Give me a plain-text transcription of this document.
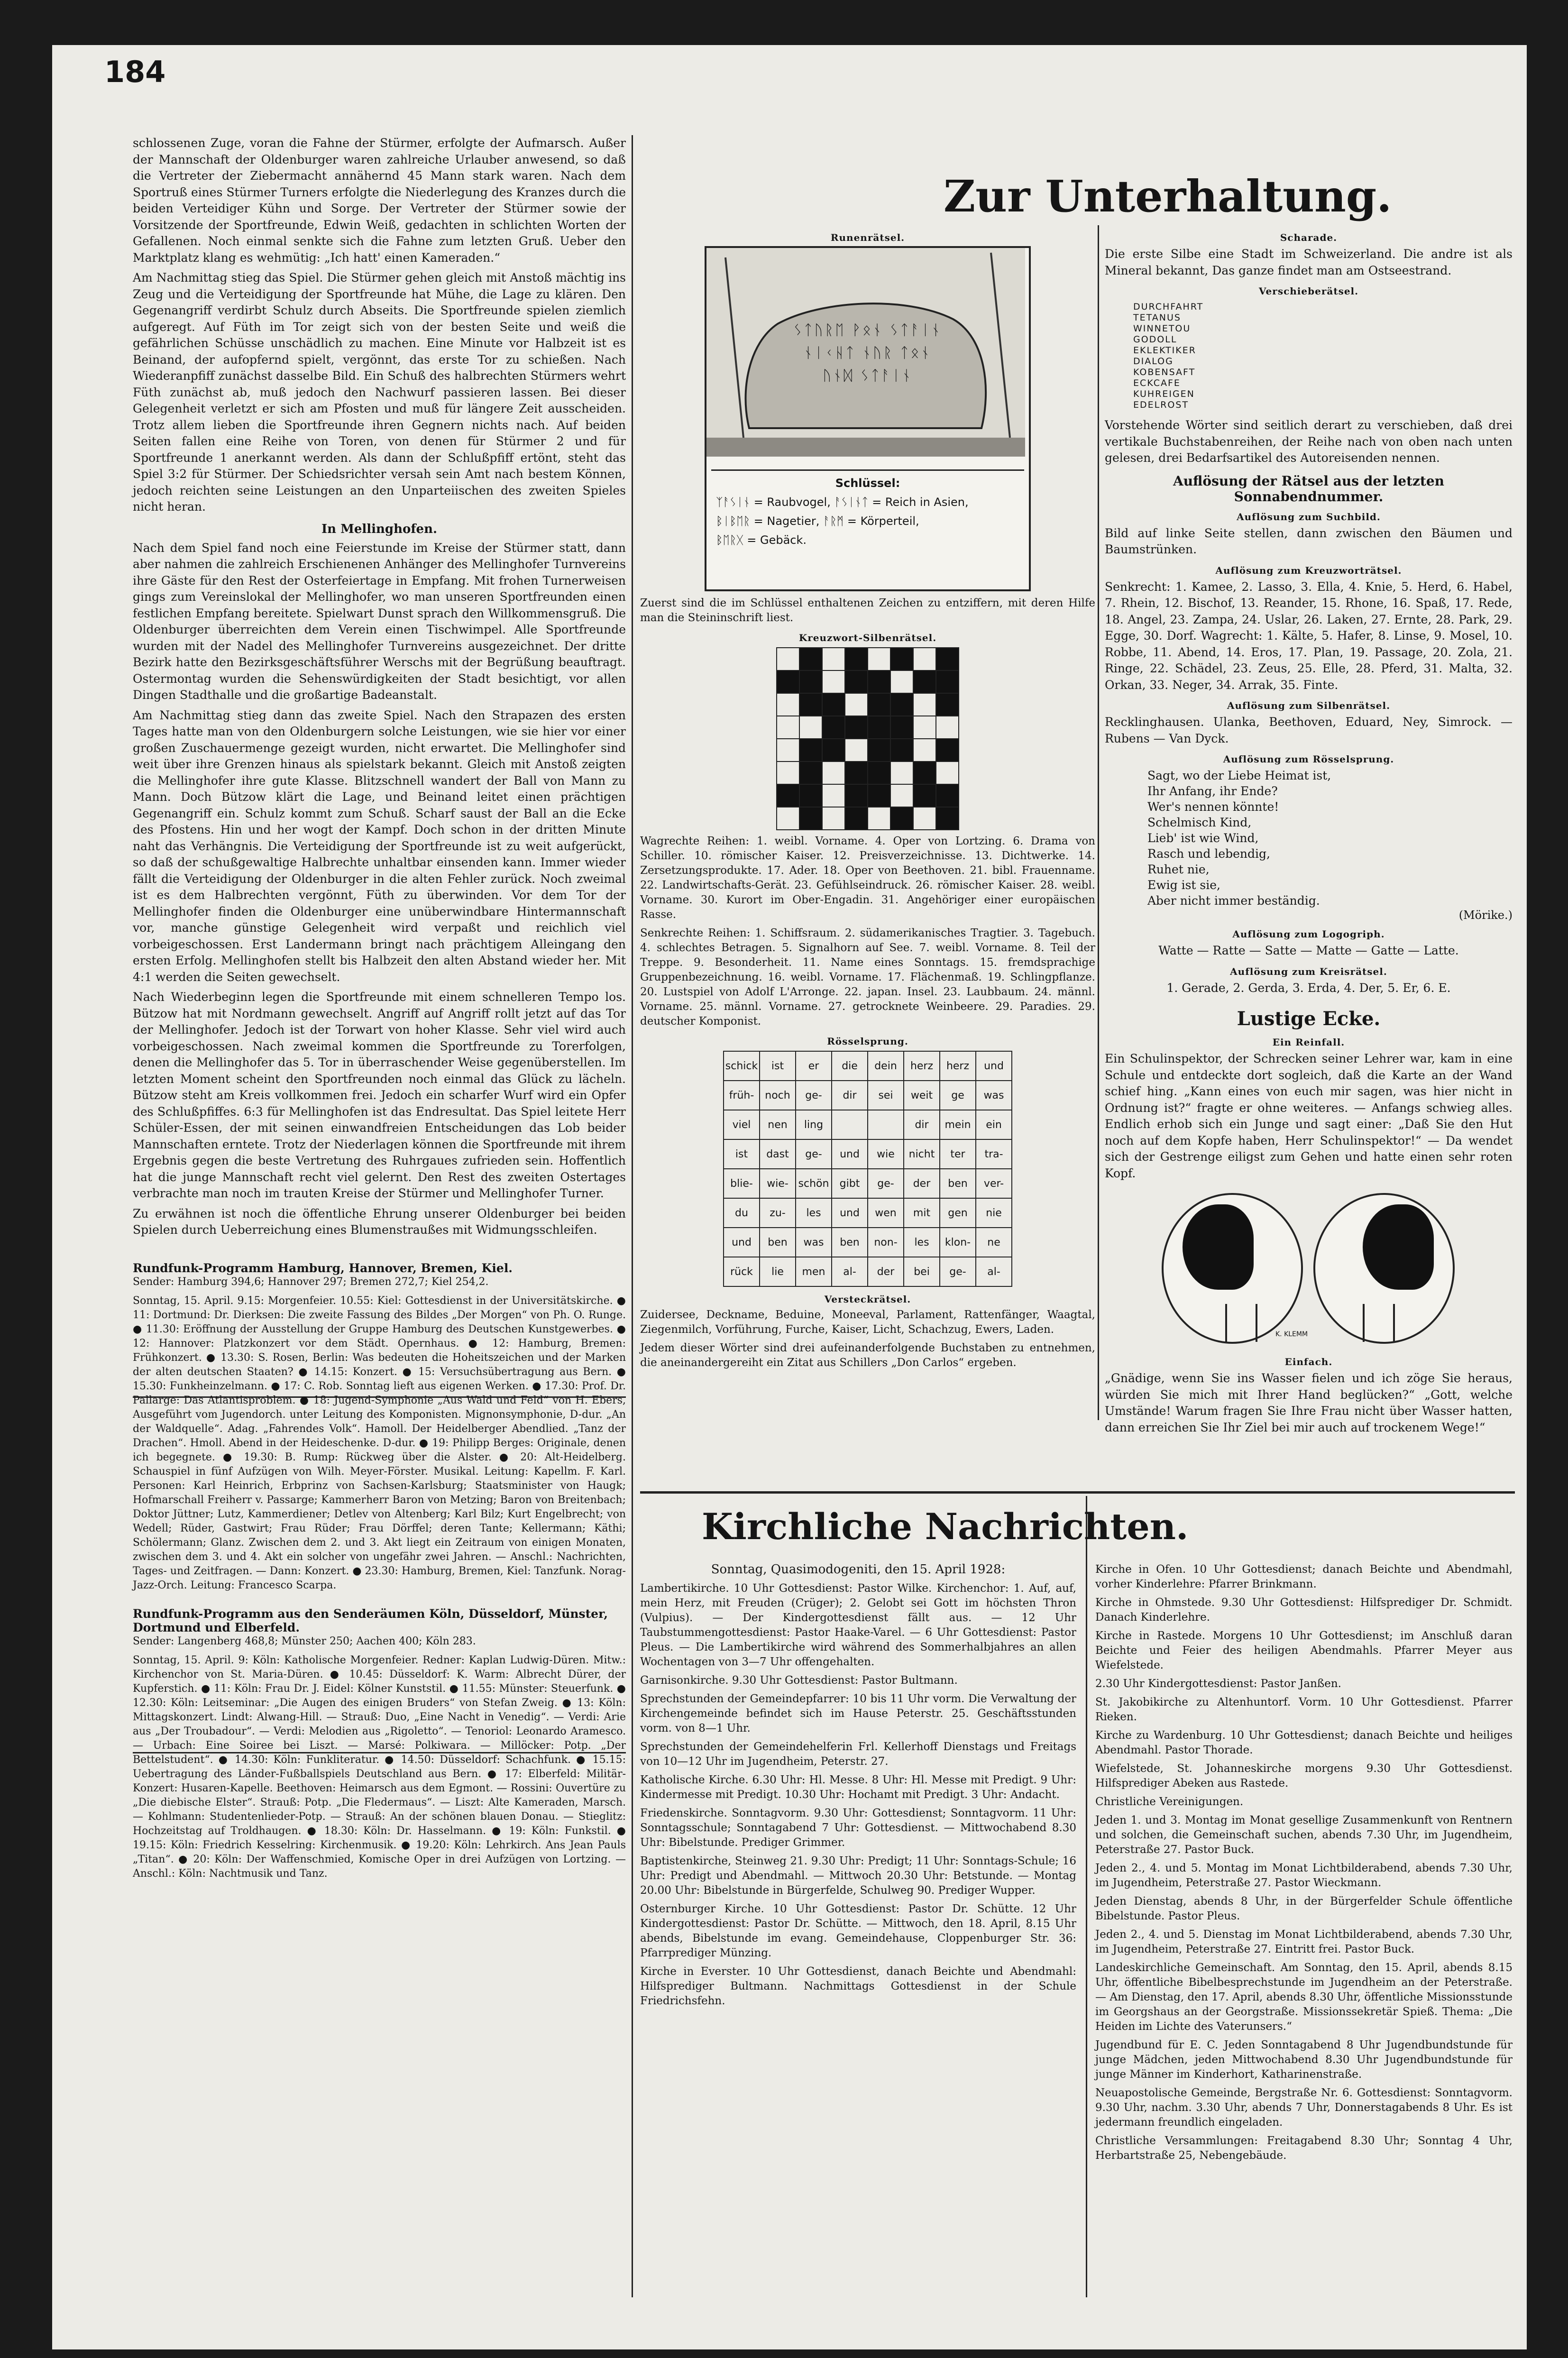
184

schlossenen Zuge, voran die Fahne der Stürmer, erfolgte der Aufmarsch. Außer der Mannschaft der Oldenburger waren zahlreiche Urlauber anwesend, so daß die Vertreter der Ziebermacht annähernd 45 Mann stark waren. Nach dem Sportruß eines Stürmer Turners erfolgte die Niederlegung des Kranzes durch die beiden Verteidiger Kühn und Sorge. Der Vertreter der Stürmer sowie der Vorsitzende der Sportfreunde, Edwin Weiß, gedachten in schlichten Worten der Gefallenen. Noch einmal senkte sich die Fahne zum letzten Gruß. Ueber den Marktplatz klang es wehmütig: „Ich hatt' einen Kameraden.“

Am Nachmittag stieg das Spiel. Die Stürmer gehen gleich mit Anstoß mächtig ins Zeug und die Verteidigung der Sportfreunde hat Mühe, die Lage zu klären. Den Gegenangriff verdirbt Schulz durch Abseits. Die Sportfreunde spielen ziemlich aufgeregt. Auf Füth im Tor zeigt sich von der besten Seite und weiß die gefährlichen Schüsse unschädlich zu machen. Eine Minute vor Halbzeit ist es Beinand, der aufopfernd spielt, vergönnt, das erste Tor zu schießen. Nach Wiederanpfiff zunächst dasselbe Bild. Ein Schuß des halbrechten Stürmers wehrt Füth zunächst ab, muß jedoch den Nachwurf passieren lassen. Bei dieser Gelegenheit verletzt er sich am Pfosten und muß für längere Zeit ausscheiden. Trotz allem lieben die Sportfreunde ihren Gegnern nichts nach. Auf beiden Seiten fallen eine Reihe von Toren, von denen für Stürmer 2 und für Sportfreunde 1 anerkannt werden. Als dann der Schlußpfiff ertönt, steht das Spiel 3:2 für Stürmer. Der Schiedsrichter versah sein Amt nach bestem Können, jedoch reichten seine Leistungen an den Unparteiischen des zweiten Spieles nicht heran.

In Mellinghofen.

Nach dem Spiel fand noch eine Feierstunde im Kreise der Stürmer statt, dann aber nahmen die zahlreich Erschienenen Anhänger des Mellinghofer Turnvereins ihre Gäste für den Rest der Osterfeiertage in Empfang. Mit frohen Turnerweisen gings zum Vereinslokal der Mellinghofer, wo man unseren Sportfreunden einen festlichen Empfang bereitete. Spielwart Dunst sprach den Willkommensgruß. Die Oldenburger überreichten dem Verein einen Tischwimpel. Alle Sportfreunde wurden mit der Nadel des Mellinghofer Turnvereins ausgezeichnet. Der dritte Bezirk hatte den Bezirksgeschäftsführer Werschs mit der Begrüßung beauftragt. Ostermontag wurden die Sehenswürdigkeiten der Stadt besichtigt, vor allen Dingen Stadthalle und die großartige Badeanstalt.

Am Nachmittag stieg dann das zweite Spiel. Nach den Strapazen des ersten Tages hatte man von den Oldenburgern solche Leistungen, wie sie hier vor einer großen Zuschauermenge gezeigt wurden, nicht erwartet. Die Mellinghofer sind weit über ihre Grenzen hinaus als spielstark bekannt. Gleich mit Anstoß zeigten die Mellinghofer ihre gute Klasse. Blitzschnell wandert der Ball von Mann zu Mann. Doch Bützow klärt die Lage, und Beinand leitet einen prächtigen Gegenangriff ein. Schulz kommt zum Schuß. Scharf saust der Ball an die Ecke des Pfostens. Hin und her wogt der Kampf. Doch schon in der dritten Minute naht das Verhängnis. Die Verteidigung der Sportfreunde ist zu weit aufgerückt, so daß der schußgewaltige Halbrechte unhaltbar einsenden kann. Immer wieder fällt die Verteidigung der Oldenburger in die alten Fehler zurück. Noch zweimal ist es dem Halbrechten vergönnt, Füth zu überwinden. Vor dem Tor der Mellinghofer finden die Oldenburger eine unüberwindbare Hintermannschaft vor, manche günstige Gelegenheit wird verpaßt und reichlich viel vorbeigeschossen. Erst Landermann bringt nach prächtigem Alleingang den ersten Erfolg. Mellinghofen stellt bis Halbzeit den alten Abstand wieder her. Mit 4:1 werden die Seiten gewechselt.

Nach Wiederbeginn legen die Sportfreunde mit einem schnelleren Tempo los. Bützow hat mit Nordmann gewechselt. Angriff auf Angriff rollt jetzt auf das Tor der Mellinghofer. Jedoch ist der Torwart von hoher Klasse. Sehr viel wird auch vorbeigeschossen. Nach zweimal kommen die Sportfreunde zu Torerfolgen, denen die Mellinghofer das 5. Tor in überraschender Weise gegenüberstellen. Im letzten Moment scheint den Sportfreunden noch einmal das Glück zu lächeln. Bützow steht am Kreis vollkommen frei. Jedoch ein scharfer Wurf wird ein Opfer des Schlußpfiffes. 6:3 für Mellinghofen ist das Endresultat. Das Spiel leitete Herr Schüler-Essen, der mit seinen einwandfreien Entscheidungen das Lob beider Mannschaften erntete. Trotz der Niederlagen können die Sportfreunde mit ihrem Ergebnis gegen die beste Vertretung des Ruhrgaues zufrieden sein. Hoffentlich hat die junge Mannschaft recht viel gelernt. Den Rest des zweiten Ostertages verbrachte man noch im trauten Kreise der Stürmer und Mellinghofer Turner.

Zu erwähnen ist noch die öffentliche Ehrung unserer Oldenburger bei beiden Spielen durch Ueberreichung eines Blumenstraußes mit Widmungsschleifen.

Rundfunk-Programm Hamburg, Hannover, Bremen, Kiel.
Sender: Hamburg 394,6; Hannover 297; Bremen 272,7; Kiel 254,2.
Sonntag, 15. April. 9.15: Morgenfeier. 10.55: Kiel: Gottesdienst in der Universitätskirche. ● 11: Dortmund: Dr. Dierksen: Die zweite Fassung des Bildes „Der Morgen“ von Ph. O. Runge. ● 11.30: Eröffnung der Ausstellung der Gruppe Hamburg des Deutschen Kunstgewerbes. ● 12: Hannover: Platzkonzert vor dem Städt. Opernhaus. ● 12: Hamburg, Bremen: Frühkonzert. ● 13.30: S. Rosen, Berlin: Was bedeuten die Hoheitszeichen und der Marken der alten deutschen Staaten? ● 14.15: Konzert. ● 15: Versuchsübertragung aus Bern. ● 15.30: Funkheinzelmann. ● 17: C. Rob. Sonntag lieft aus eigenen Werken. ● 17.30: Prof. Dr. Pallarge: Das Atlantisproblem. ● 18: Jugend-Symphonie „Aus Wald und Feld“ von H. Ebers, Ausgeführt vom Jugendorch. unter Leitung des Komponisten. Mignonsymphonie, D-dur. „An der Waldquelle“. Adag. „Fahrendes Volk“. Hamoll. Der Heidelberger Abendlied. „Tanz der Drachen“. Hmoll. Abend in der Heideschenke. D-dur. ● 19: Philipp Berges: Originale, denen ich begegnete. ● 19.30: B. Rump: Rückweg über die Alster. ● 20: Alt-Heidelberg. Schauspiel in fünf Aufzügen von Wilh. Meyer-Förster. Musikal. Leitung: Kapellm. F. Karl. Personen: Karl Heinrich, Erbprinz von Sachsen-Karlsburg; Staatsminister von Haugk; Hofmarschall Freiherr v. Passarge; Kammerherr Baron von Metzing; Baron von Breitenbach; Doktor Jüttner; Lutz, Kammerdiener; Detlev von Altenberg; Karl Bilz; Kurt Engelbrecht; von Wedell; Rüder, Gastwirt; Frau Rüder; Frau Dörffel; deren Tante; Kellermann; Käthi; Schölermann; Glanz. Zwischen dem 2. und 3. Akt liegt ein Zeitraum von einigen Monaten, zwischen dem 3. und 4. Akt ein solcher von ungefähr zwei Jahren. — Anschl.: Nachrichten, Tages- und Zeitfragen. — Dann: Konzert. ● 23.30: Hamburg, Bremen, Kiel: Tanzfunk. Norag-Jazz-Orch. Leitung: Francesco Scarpa.
Rundfunk-Programm aus den Senderäumen Köln, Düsseldorf, Münster, Dortmund und Elberfeld.
Sender: Langenberg 468,8; Münster 250; Aachen 400; Köln 283.
Sonntag, 15. April. 9: Köln: Katholische Morgenfeier. Redner: Kaplan Ludwig-Düren. Mitw.: Kirchenchor von St. Maria-Düren. ● 10.45: Düsseldorf: K. Warm: Albrecht Dürer, der Kupferstich. ● 11: Köln: Frau Dr. J. Eidel: Kölner Kunststil. ● 11.55: Münster: Steuerfunk. ● 12.30: Köln: Leitseminar: „Die Augen des einigen Bruders“ von Stefan Zweig. ● 13: Köln: Mittagskonzert. Lindt: Alwang-Hill. — Strauß: Duo, „Eine Nacht in Venedig“. — Verdi: Arie aus „Der Troubadour“. — Verdi: Melodien aus „Rigoletto“. — Tenoriol: Leonardo Aramesco. — Urbach: Eine Soiree bei Liszt. — Marsé: Polkiwara. — Millöcker: Potp. „Der Bettelstudent“. ● 14.30: Köln: Funkliteratur. ● 14.50: Düsseldorf: Schachfunk. ● 15.15: Uebertragung des Länder-Fußballspiels Deutschland aus Bern. ● 17: Elberfeld: Militär-Konzert: Husaren-Kapelle. Beethoven: Heimarsch aus dem Egmont. — Rossini: Ouvertüre zu „Die diebische Elster“. Strauß: Potp. „Die Fledermaus“. — Liszt: Alte Kameraden, Marsch. — Kohlmann: Studentenlieder-Potp. — Strauß: An der schönen blauen Donau. — Stieglitz: Hochzeitstag auf Troldhaugen. ● 18.30: Köln: Dr. Hasselmann. ● 19: Köln: Funkstil. ● 19.15: Köln: Friedrich Kesselring: Kirchenmusik. ● 19.20: Köln: Lehrkirch. Ans Jean Pauls „Titan“. ● 20: Köln: Der Waffenschmied, Komische Oper in drei Aufzügen von Lortzing. — Anschl.: Köln: Nachtmusik und Tanz.
Zur Unterhaltung.
Runenrätsel.
ᛊᛏᚢᚱᛖ ᚹᛟᚾ ᛊᛏᚨᛁᚾ
ᚾᛁᚲᚺᛏ ᚾᚢᚱ ᛏᛟᚾ
ᚢᚾᛞ ᛊᛏᚨᛁᚾ
Schlüssel:
ᛉᚨᛊᛁᚾ = Raubvogel, ᚨᛊᛁᚾᛏ = Reich in Asien,
ᛒᛁᛒᛖᚱ = Nagetier, ᚨᚱᛗ = Körperteil,
ᛒᛖᚱᚷ = Gebäck.

Zuerst sind die im Schlüssel enthaltenen Zeichen zu entziffern, mit deren Hilfe man die Steininschrift liest.

Kreuzwort-Silbenrätsel.

Wagrechte Reihen: 1. weibl. Vorname. 4. Oper von Lortzing. 6. Drama von Schiller. 10. römischer Kaiser. 12. Preisverzeichnisse. 13. Dichtwerke. 14. Zersetzungsprodukte. 17. Ader. 18. Oper von Beethoven. 21. bibl. Frauenname. 22. Landwirtschafts-Gerät. 23. Gefühlseindruck. 26. römischer Kaiser. 28. weibl. Vorname. 30. Kurort im Ober-Engadin. 31. Angehöriger einer europäischen Rasse.

Senkrechte Reihen: 1. Schiffsraum. 2. südamerikanisches Tragtier. 3. Tagebuch. 4. schlechtes Betragen. 5. Signalhorn auf See. 7. weibl. Vorname. 8. Teil der Treppe. 9. Besonderheit. 11. Name eines Sonntags. 15. fremdsprachige Gruppenbezeichnung. 16. weibl. Vorname. 17. Flächenmaß. 19. Schlingpflanze. 20. Lustspiel von Adolf L'Arronge. 22. japan. Insel. 23. Laubbaum. 24. männl. Vorname. 25. männl. Vorname. 27. getrocknete Weinbeere. 29. Paradies. 29. deutscher Komponist.

Rösselsprung.
schick	ist	er	die	dein	herz	herz	und
früh-	noch	ge-	dir	sei	weit	ge	was
viel	nen	ling			dir	mein	ein
ist	dast	ge-	und	wie	nicht	ter	tra-
blie-	wie-	schön	gibt	ge-	der	ben	ver-
du	zu-	les	und	wen	mit	gen	nie
und	ben	was	ben	non-	les	klon-	ne
rück	lie	men	al-	der	bei	ge-	al-
Versteckrätsel.

Zuidersee, Deckname, Beduine, Moneeval, Parlament, Rattenfänger, Waagtal, Ziegenmilch, Vorführung, Furche, Kaiser, Licht, Schachzug, Ewers, Laden.

Jedem dieser Wörter sind drei aufeinanderfolgende Buchstaben zu entnehmen, die aneinandergereiht ein Zitat aus Schillers „Don Carlos“ ergeben.

Scharade.

Die erste Silbe eine Stadt im Schweizerland. Die andre ist als Mineral bekannt, Das ganze findet man am Ostseestrand.

Verschieberätsel.
DURCHFAHRT
TETANUS
WINNETOU
GODOLL
EKLEKTIKER
DIALOG
KOBENSAFT
ECKCAFE
KUHREIGEN
EDELROST

Vorstehende Wörter sind seitlich derart zu verschieben, daß drei vertikale Buchstabenreihen, der Reihe nach von oben nach unten gelesen, drei Bedarfsartikel des Autoreisenden nennen.

Auflösung der Rätsel aus der letzten Sonnabendnummer.
Auflösung zum Suchbild.

Bild auf linke Seite stellen, dann zwischen den Bäumen und Baumstrünken.

Auflösung zum Kreuzworträtsel.

Senkrecht: 1. Kamee, 2. Lasso, 3. Ella, 4. Knie, 5. Herd, 6. Habel, 7. Rhein, 12. Bischof, 13. Reander, 15. Rhone, 16. Spaß, 17. Rede, 18. Angel, 23. Zampa, 24. Uslar, 26. Laken, 27. Ernte, 28. Park, 29. Egge, 30. Dorf. Wagrecht: 1. Kälte, 5. Hafer, 8. Linse, 9. Mosel, 10. Robbe, 11. Abend, 14. Eros, 17. Plan, 19. Passage, 20. Zola, 21. Ringe, 22. Schädel, 23. Zeus, 25. Elle, 28. Pferd, 31. Malta, 32. Orkan, 33. Neger, 34. Arrak, 35. Finte.

Auflösung zum Silbenrätsel.

Recklinghausen. Ulanka, Beethoven, Eduard, Ney, Simrock. — Rubens — Van Dyck.

Auflösung zum Rösselsprung.
Sagt, wo der Liebe Heimat ist,
Ihr Anfang, ihr Ende?
Wer's nennen könnte!
Schelmisch Kind,
Lieb' ist wie Wind,
Rasch und lebendig,
Ruhet nie,
Ewig ist sie,
Aber nicht immer beständig.
(Mörike.)
Auflösung zum Logogriph.

Watte — Ratte — Satte — Matte — Gatte — Latte.

Auflösung zum Kreisrätsel.

1. Gerade, 2. Gerda, 3. Erda, 4. Der, 5. Er, 6. E.

Lustige Ecke.
Ein Reinfall.

Ein Schulinspektor, der Schrecken seiner Lehrer war, kam in eine Schule und entdeckte dort sogleich, daß die Karte an der Wand schief hing. „Kann eines von euch mir sagen, was hier nicht in Ordnung ist?“ fragte er ohne weiteres. — Anfangs schwieg alles. Endlich erhob sich ein Junge und sagt einer: „Daß Sie den Hut noch auf dem Kopfe haben, Herr Schulinspektor!“ — Da wendet sich der Gestrenge eiligst zum Gehen und hatte einen sehr roten Kopf.

K. KLEMM
Einfach.

„Gnädige, wenn Sie ins Wasser fielen und ich zöge Sie heraus, würden Sie mich mit Ihrer Hand beglücken?“ „Gott, welche Umstände! Warum fragen Sie Ihre Frau nicht über Wasser hatten, dann erreichen Sie Ihr Ziel bei mir auch auf trockenem Wege!“

Kirchliche Nachrichten.
Sonntag, Quasimodogeniti, den 15. April 1928:

Lambertikirche. 10 Uhr Gottesdienst: Pastor Wilke. Kirchenchor: 1. Auf, auf, mein Herz, mit Freuden (Crüger); 2. Gelobt sei Gott im höchsten Thron (Vulpius). — Der Kindergottesdienst fällt aus. — 12 Uhr Taubstummengottesdienst: Pastor Haake-Varel. — 6 Uhr Gottesdienst: Pastor Pleus. — Die Lambertikirche wird während des Sommerhalbjahres an allen Wochentagen von 3—7 Uhr offengehalten.

Garnisonkirche. 9.30 Uhr Gottesdienst: Pastor Bultmann.

Sprechstunden der Gemeindepfarrer: 10 bis 11 Uhr vorm. Die Verwaltung der Kirchengemeinde befindet sich im Hause Peterstr. 25. Geschäftsstunden vorm. von 8—1 Uhr.

Sprechstunden der Gemeindehelferin Frl. Kellerhoff Dienstags und Freitags von 10—12 Uhr im Jugendheim, Peterstr. 27.

Katholische Kirche. 6.30 Uhr: Hl. Messe. 8 Uhr: Hl. Messe mit Predigt. 9 Uhr: Kindermesse mit Predigt. 10.30 Uhr: Hochamt mit Predigt. 3 Uhr: Andacht.

Friedenskirche. Sonntagvorm. 9.30 Uhr: Gottesdienst; Sonntagvorm. 11 Uhr: Sonntagsschule; Sonntagabend 7 Uhr: Gottesdienst. — Mittwochabend 8.30 Uhr: Bibelstunde. Prediger Grimmer.

Baptistenkirche, Steinweg 21. 9.30 Uhr: Predigt; 11 Uhr: Sonntags-Schule; 16 Uhr: Predigt und Abendmahl. — Mittwoch 20.30 Uhr: Betstunde. — Montag 20.00 Uhr: Bibelstunde in Bürgerfelde, Schulweg 90. Prediger Wupper.

Osternburger Kirche. 10 Uhr Gottesdienst: Pastor Dr. Schütte. 12 Uhr Kindergottesdienst: Pastor Dr. Schütte. — Mittwoch, den 18. April, 8.15 Uhr abends, Bibelstunde im evang. Gemeindehause, Cloppenburger Str. 36: Pfarrprediger Münzing.

Kirche in Everster. 10 Uhr Gottesdienst, danach Beichte und Abendmahl: Hilfsprediger Bultmann. Nachmittags Gottesdienst in der Schule Friedrichsfehn.

Kirche in Ofen. 10 Uhr Gottesdienst; danach Beichte und Abendmahl, vorher Kinderlehre: Pfarrer Brinkmann.

Kirche in Ohmstede. 9.30 Uhr Gottesdienst: Hilfsprediger Dr. Schmidt. Danach Kinderlehre.

Kirche in Rastede. Morgens 10 Uhr Gottesdienst; im Anschluß daran Beichte und Feier des heiligen Abendmahls. Pfarrer Meyer aus Wiefelstede.

2.30 Uhr Kindergottesdienst: Pastor Janßen.

St. Jakobikirche zu Altenhuntorf. Vorm. 10 Uhr Gottesdienst. Pfarrer Rieken.

Kirche zu Wardenburg. 10 Uhr Gottesdienst; danach Beichte und heiliges Abendmahl. Pastor Thorade.

Wiefelstede, St. Johanneskirche morgens 9.30 Uhr Gottesdienst. Hilfsprediger Abeken aus Rastede.

Christliche Vereinigungen.

Jeden 1. und 3. Montag im Monat gesellige Zusammenkunft von Rentnern und solchen, die Gemeinschaft suchen, abends 7.30 Uhr, im Jugendheim, Peterstraße 27. Pastor Buck.

Jeden 2., 4. und 5. Montag im Monat Lichtbilderabend, abends 7.30 Uhr, im Jugendheim, Peterstraße 27. Pastor Wieckmann.

Jeden Dienstag, abends 8 Uhr, in der Bürgerfelder Schule öffentliche Bibelstunde. Pastor Pleus.

Jeden 2., 4. und 5. Dienstag im Monat Lichtbilderabend, abends 7.30 Uhr, im Jugendheim, Peterstraße 27. Eintritt frei. Pastor Buck.

Landeskirchliche Gemeinschaft. Am Sonntag, den 15. April, abends 8.15 Uhr, öffentliche Bibelbesprechstunde im Jugendheim an der Peterstraße. — Am Dienstag, den 17. April, abends 8.30 Uhr, öffentliche Missionsstunde im Georgshaus an der Georgstraße. Missionssekretär Spieß. Thema: „Die Heiden im Lichte des Vaterunsers.“

Jugendbund für E. C. Jeden Sonntagabend 8 Uhr Jugendbundstunde für junge Mädchen, jeden Mittwochabend 8.30 Uhr Jugendbundstunde für junge Männer im Kinderhort, Katharinenstraße.

Neuapostolische Gemeinde, Bergstraße Nr. 6. Gottesdienst: Sonntagvorm. 9.30 Uhr, nachm. 3.30 Uhr, abends 7 Uhr, Donnerstagabends 8 Uhr. Es ist jedermann freundlich eingeladen.

Christliche Versammlungen: Freitagabend 8.30 Uhr; Sonntag 4 Uhr, Herbartstraße 25, Nebengebäude.
